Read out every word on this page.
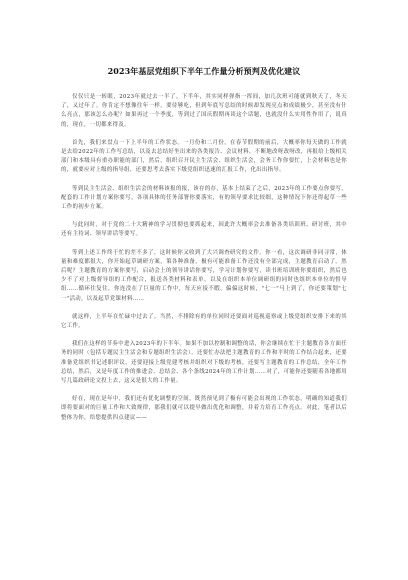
2023年基层党组织下半年工作量分析预判及优化建议

仅仅只是一转眼，2023年就过去一半了。下半年，其实同样弹指一挥间，加几次班可能就到秋天了，冬天了，又过年了。你肯定不想像往年一样，要待够吃，但到年底写总结的时候却发现亮点和成绩极少，甚至没有什么亮点，那该怎么办呢？如果再过一个季度，等到过了国庆假期再谈这个话题，也就没什么实用性作用了，说真的，现在，一切都来得及。

首先，我们来盘点一下上半年的工作状态。一月份和二月份，在春节假期的前后，大概率你每天做的工作就是去给2022年的工作写总结，以及去总结好坐出来的各类报告、会议材料，不断地改呀改呀改，再报给上级相关部门和本级具有重办职能的部门，然后，组织召开民主生活会、组织生活会，会务工作你要忙，上会材料也是你的，就要应对上级的指导组，还要思考去落实下级党组织迅速的汇报工作，化出出指导。

等到民主生活会、组织生活会的材料该报的报，该存的存，基本上结束了之后，2023年的工作要点你要写，配套的工作计划方案你要写，各项具体的任务部署你要落实，有的领导要求比较细，这种情况下你还得起草一些工作的初步方案。

与此同时，对于党的二十大精神的学习贯彻也要抓起来，因此许大概率会去准备各类培训班、研讨班，其中还有主持词、领导讲话等要写。

等到上述工作终于忙的差不多了，这时候你又收到了大兴调查研究的文件。你一看，这次调研非同寻常，体量和难度都很大，你开始起草调研方案，策各种准备，极有可能准备工作还没有全部完成，主题教育启动了。然后呢？主题教育的方案你要写，启动会上的领导讲话你要写，学习计划你要写，读书班培训班你要组织，然后也少不了对上级督导组的工作配合，报送各类材料和表单，以及在组织本单位调研组的同时也组织本单位的督导组……循环往复往，你连没在了巨量的工作中，每天应接不暇，偏偏这时候，"七一"马上到了，你还要策划"七一"活动，以及起草党课材料……

就这样，上半年在忙碌中过去了。当然，不排除有的单位同时还要面对巡视巡察或上级党组织安排下来的其它工作。

我们在这样的节奏中进入2023年的下半年。如果不加以控制和调整的话，你会继续在忙于主题教育各方面任务的同时（包括专题民主生活会和专题组织生活会），还要忙办法把主题教育的工作和平时的工作结合起来，还要准备党组织书记述职评议，还要迎接上级党建考核并组织对下级的考核，还要写主题教育的工作总结，全年工作总结，然后，又是年度工作的推进会、总结会、各个条线2024年的工作计划……对了，可能你还要随着各地都用写几篇政研论文投上去，这又是很大的工作量。

好在，现在是年中，我们还有优化调整的空间，既然预见到了极有可能会出现的工作状态，明确的知道我们即将要面对的巨量工作和大致规律，那我们就可以提早做出优化和调整，并着力培育工作亮点。对此，笔者以后整体为你，给您提供四点建议——
